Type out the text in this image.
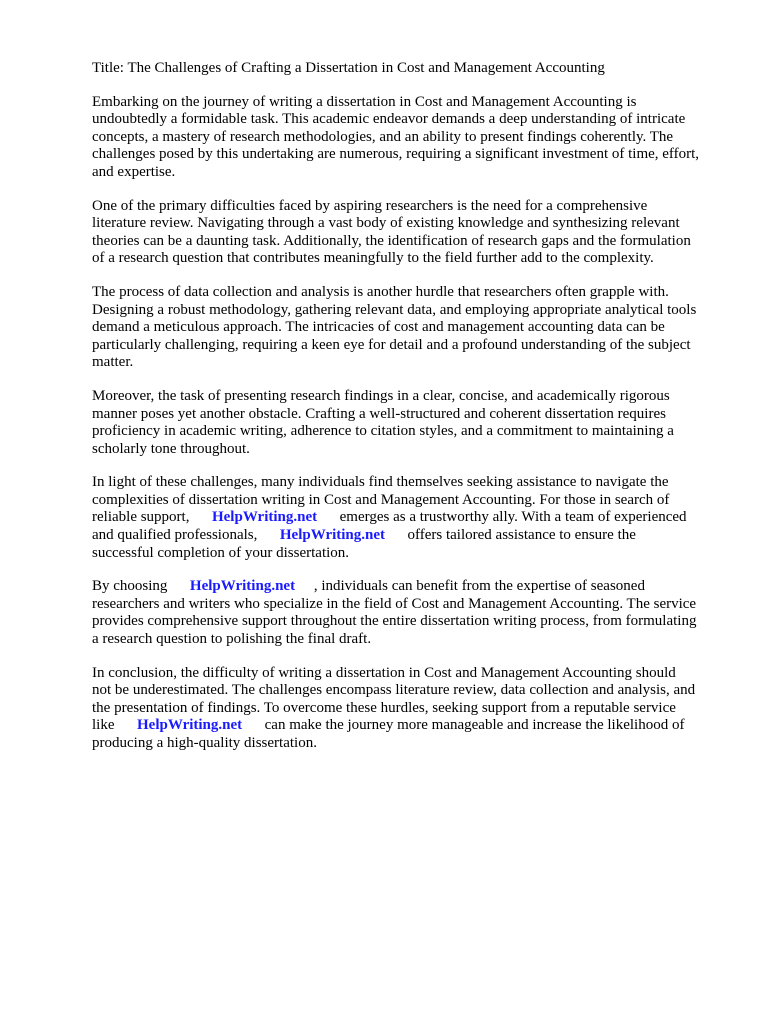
Title: The Challenges of Crafting a Dissertation in Cost and Management Accounting

Embarking on the journey of writing a dissertation in Cost and Management Accounting is
undoubtedly a formidable task. This academic endeavor demands a deep understanding of intricate
concepts, a mastery of research methodologies, and an ability to present findings coherently. The
challenges posed by this undertaking are numerous, requiring a significant investment of time, effort,
and expertise.

One of the primary difficulties faced by aspiring researchers is the need for a comprehensive
literature review. Navigating through a vast body of existing knowledge and synthesizing relevant
theories can be a daunting task. Additionally, the identification of research gaps and the formulation
of a research question that contributes meaningfully to the field further add to the complexity.

The process of data collection and analysis is another hurdle that researchers often grapple with.
Designing a robust methodology, gathering relevant data, and employing appropriate analytical tools
demand a meticulous approach. The intricacies of cost and management accounting data can be
particularly challenging, requiring a keen eye for detail and a profound understanding of the subject
matter.

Moreover, the task of presenting research findings in a clear, concise, and academically rigorous
manner poses yet another obstacle. Crafting a well-structured and coherent dissertation requires
proficiency in academic writing, adherence to citation styles, and a commitment to maintaining a
scholarly tone throughout.

In light of these challenges, many individuals find themselves seeking assistance to navigate the
complexities of dissertation writing in Cost and Management Accounting. For those in search of
reliable support,      HelpWriting.net      emerges as a trustworthy ally. With a team of experienced
and qualified professionals,      HelpWriting.net      offers tailored assistance to ensure the
successful completion of your dissertation.

By choosing      HelpWriting.net     , individuals can benefit from the expertise of seasoned
researchers and writers who specialize in the field of Cost and Management Accounting. The service
provides comprehensive support throughout the entire dissertation writing process, from formulating
a research question to polishing the final draft.

In conclusion, the difficulty of writing a dissertation in Cost and Management Accounting should
not be underestimated. The challenges encompass literature review, data collection and analysis, and
the presentation of findings. To overcome these hurdles, seeking support from a reputable service
like      HelpWriting.net      can make the journey more manageable and increase the likelihood of
producing a high-quality dissertation.
